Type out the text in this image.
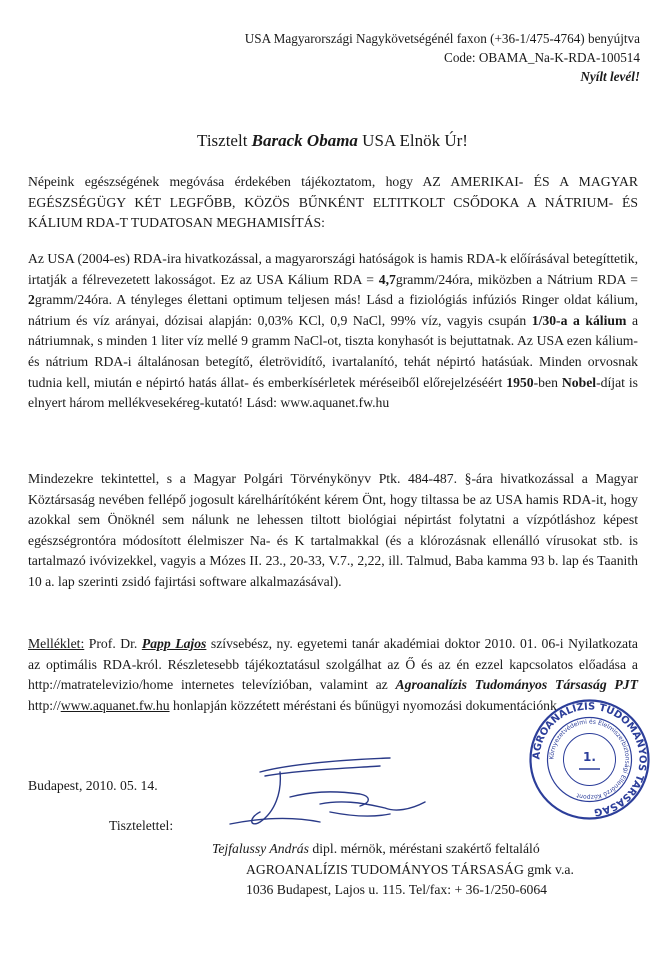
USA Magyarországi Nagykövetségénél faxon (+36-1/475-4764) benyújtva
Code: OBAMA_Na-K-RDA-100514
Nyílt levél!
Tisztelt Barack Obama USA Elnök Úr!
Népeink egészségének megóvása érdekében tájékoztatom, hogy AZ AMERIKAI- ÉS A MAGYAR EGÉSZSÉGÜGY KÉT LEGFŐBB, KÖZÖS BŰNKÉNT ELTITKOLT CSŐDOKA A NÁTRIUM- ÉS KÁLIUM RDA-T TUDATOSAN MEGHAMISÍTÁS:
Az USA (2004-es) RDA-ira hivatkozással, a magyarországi hatóságok is hamis RDA-k előírásával betegíttetik, irtatják a félrevezetett lakosságot. Ez az USA Kálium RDA = 4,7gramm/24óra, miközben a Nátrium RDA = 2gramm/24óra. A tényleges élettani optimum teljesen más! Lásd a fiziológiás infúziós Ringer oldat kálium, nátrium és víz arányai, dózisai alapján: 0,03% KCl, 0,9 NaCl, 99% víz, vagyis csupán 1/30-a a kálium a nátriumnak, s minden 1 liter víz mellé 9 gramm NaCl-ot, tiszta konyhasót is bejuttatnak. Az USA ezen kálium- és nátrium RDA-i általánosan betegítő, életrövidítő, ivartalanító, tehát népirtó hatásúak. Minden orvosnak tudnia kell, miután e népirtó hatás állat- és emberkísérletek méréseiből előrejelzéséért 1950-ben Nobel-díjat is elnyert három mellékvesekéreg-kutató! Lásd: www.aquanet.fw.hu
Mindezekre tekintettel, s a Magyar Polgári Törvénykönyv Ptk. 484-487. §-ára hivatkozással a Magyar Köztársaság nevében fellépő jogosult kárelhárítóként kérem Önt, hogy tiltassa be az USA hamis RDA-it, hogy azokkal sem Önöknél sem nálunk ne lehessen tiltott biológiai népirtást folytatni a vízpótláshoz képest egészségrontóra módosított élelmiszer Na- és K tartalmakkal (és a klórozásnak ellenálló vírusokat stb. is tartalmazó ivóvizekkel, vagyis a Mózes II. 23., 20-33, V.7., 2,22, ill. Talmud, Baba kamma 93 b. lap és Taanith 10 a. lap szerinti zsidó fajirtási software alkalmazásával).
Melléklet: Prof. Dr. Papp Lajos szívsebész, ny. egyetemi tanár akadémiai doktor 2010. 01. 06-i Nyilatkozata az optimális RDA-król. Részletesebb tájékoztatásul szolgálhat az Ő és az én ezzel kapcsolatos előadása a http://matratelevizio/home internetes televízióban, valamint az Agroanalízis Tudományos Társaság PJT http://www.aquanet.fw.hu honlapján közzétett méréstani és bűnügyi nyomozási dokumentációnk.
Budapest, 2010. 05. 14.
Tisztelettel:
AGROANALÍZIS TUDOMÁNYOS TÁRSASÁG
Környezetvédelmi és Élelmiszerbiztonsági Ellenőrző Központ
1.
Tejfalussy András dipl. mérnök, méréstani szakértő feltaláló
AGROANALÍZIS TUDOMÁNYOS TÁRSASÁG gmk v.a.
1036 Budapest, Lajos u. 115. Tel/fax: + 36-1/250-6064
